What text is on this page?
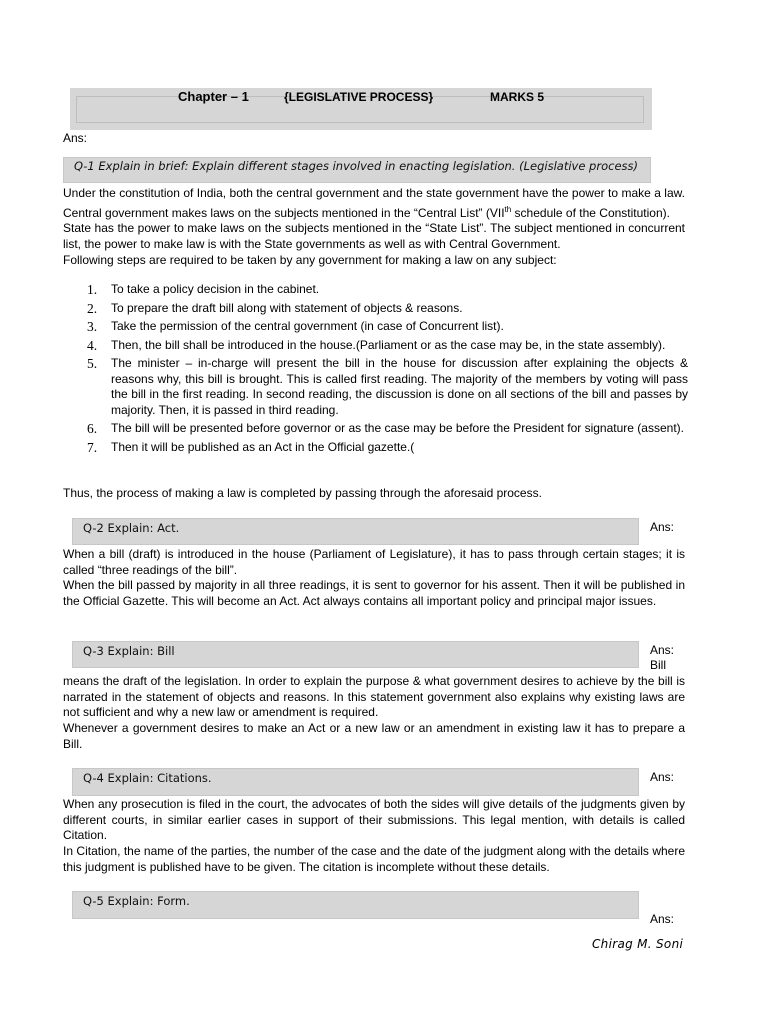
Chapter – 1	{LEGISLATIVE PROCESS}	MARKS 5
Ans:
Q-1 Explain in brief: Explain different stages involved in enacting legislation. (Legislative process)

Under the constitution of India, both the central government and the state government have the power to make a law. Central government makes laws on the subjects mentioned in the “Central List” (VIIth schedule of the Constitution).

State has the power to make laws on the subjects mentioned in the “State List”. The subject mentioned in concurrent list, the power to make law is with the State governments as well as with Central Government.

Following steps are required to be taken by any government for making a law on any subject:

1. To take a policy decision in the cabinet.
2. To prepare the draft bill along with statement of objects & reasons.
3. Take the permission of the central government (in case of Concurrent list).
4. Then, the bill shall be introduced in the house.(Parliament or as the case may be, in the state assembly).
5. The minister – in-charge will present the bill in the house for discussion after explaining the objects & reasons why, this bill is brought. This is called first reading. The majority of the members by voting will pass the bill in the first reading. In second reading, the discussion is done on all sections of the bill and passes by majority. Then, it is passed in third reading.
6. The bill will be presented before governor or as the case may be before the President for signature (assent).
7. Then it will be published as an Act in the Official gazette.(

Thus, the process of making a law is completed by passing through the aforesaid process.

Q-2 Explain: Act.	Ans:

When a bill (draft) is introduced in the house (Parliament of Legislature), it has to pass through certain stages; it is called “three readings of the bill”.

When the bill passed by majority in all three readings, it is sent to governor for his assent. Then it will be published in the Official Gazette. This will become an Act. Act always contains all important policy and principal major issues.

Q-3 Explain: Bill	Ans:
Bill

means the draft of the legislation. In order to explain the purpose & what government desires to achieve by the bill is narrated in the statement of objects and reasons. In this statement government also explains why existing laws are not sufficient and why a new law or amendment is required.

Whenever a government desires to make an Act or a new law or an amendment in existing law it has to prepare a Bill.

Q-4 Explain: Citations.	Ans:

When any prosecution is filed in the court, the advocates of both the sides will give details of the judgments given by different courts, in similar earlier cases in support of their submissions. This legal mention, with details is called Citation.

In Citation, the name of the parties, the number of the case and the date of the judgment along with the details where this judgment is published have to be given. The citation is incomplete without these details.

Q-5 Explain: Form.
Ans:
Chirag M. Soni
